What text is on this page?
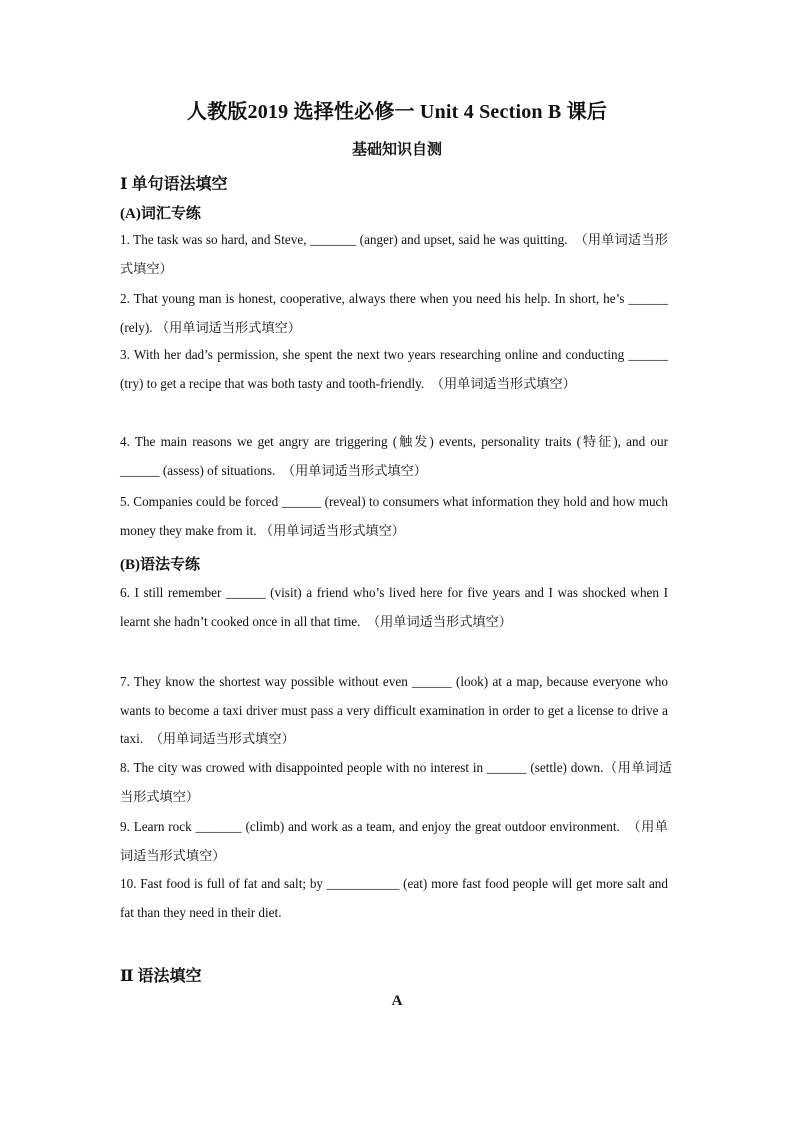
人教版2019 选择性必修一 Unit 4 Section B 课后
基础知识自测
Ⅰ 单句语法填空
(A)词汇专练
1. The task was so hard, and Steve, _______ (anger) and upset, said he was quitting.　（用单词适当形式填空）
2. That young man is honest, cooperative, always there when you need his help. In short, he’s ______ (rely). （用单词适当形式填空）
3. With her dad’s permission, she spent the next two years researching online and conducting ______ (try) to get a recipe that was both tasty and tooth-friendly.　（用单词适当形式填空）
4. The main reasons we get angry are triggering (触发) events, personality traits (特征), and our ______ (assess) of situations.　（用单词适当形式填空）
5. Companies could be forced ______ (reveal) to consumers what information they hold and how much money they make from it. （用单词适当形式填空）
(B)语法专练
6. I still remember ______ (visit) a friend who’s lived here for five years and I was shocked when I learnt she hadn’t cooked once in all that time.　（用单词适当形式填空）
7. They know the shortest way possible without even ______ (look) at a map, because everyone who wants to become a taxi driver must pass a very difficult examination in order to get a license to drive a taxi.　（用单词适当形式填空）
8. The city was crowed with disappointed people with no interest in ______ (settle) down.（用单词适当形式填空）
9. Learn rock _______ (climb) and work as a team, and enjoy the great outdoor environment.　（用单词适当形式填空）
10. Fast food is full of fat and salt; by ___________ (eat) more fast food people will get more salt and fat than they need in their diet.
Ⅱ 语法填空
A
